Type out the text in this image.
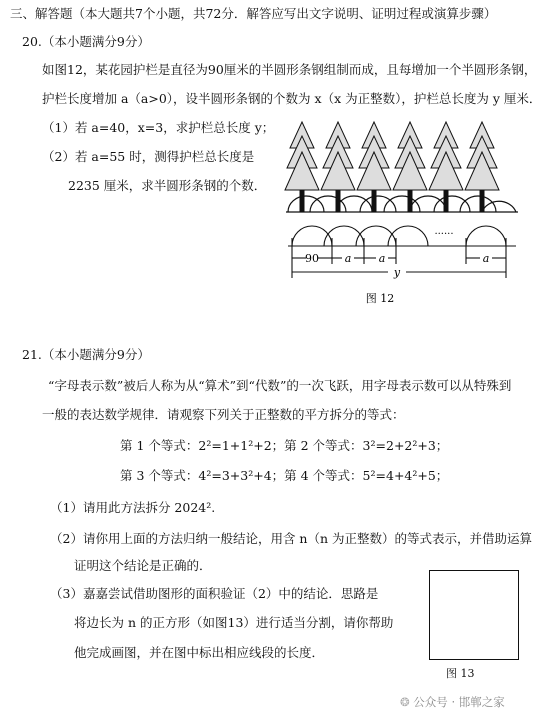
三、解答题（本大题共7个小题，共72分．解答应写出文字说明、证明过程或演算步骤）
20.（本小题满分9分）
如图12，某花园护栏是直径为90厘米的半圆形条钢组制而成，且每增加一个半圆形条钢，
护栏长度增加 a（a>0），设半圆形条钢的个数为 x（x 为正整数），护栏总长度为 y 厘米．
（1）若 a=40，x=3，求护栏总长度 y；
（2）若 a=55 时，测得护栏总长度是
2235 厘米，求半圆形条钢的个数．
90 a a	a
y
......
图 12
21.（本小题满分9分）
“字母表示数”被后人称为从“算术”到“代数”的一次飞跃，用字母表示数可以从特殊到
一般的表达数学规律．请观察下列关于正整数的平方拆分的等式：
第 1 个等式：2²=1+1²+2；第 2 个等式：3²=2+2²+3；
第 3 个等式：4²=3+3²+4；第 4 个等式：5²=4+4²+5；
（1）请用此方法拆分 2024².
（2）请你用上面的方法归纳一般结论，用含 n（n 为正整数）的等式表示，并借助运算
证明这个结论是正确的．
（3）嘉嘉尝试借助图形的面积验证（2）中的结论．思路是
将边长为 n 的正方形（如图13）进行适当分割，请你帮助
他完成画图，并在图中标出相应线段的长度．
图 13
❂ 公众号 · 邯郸之家
